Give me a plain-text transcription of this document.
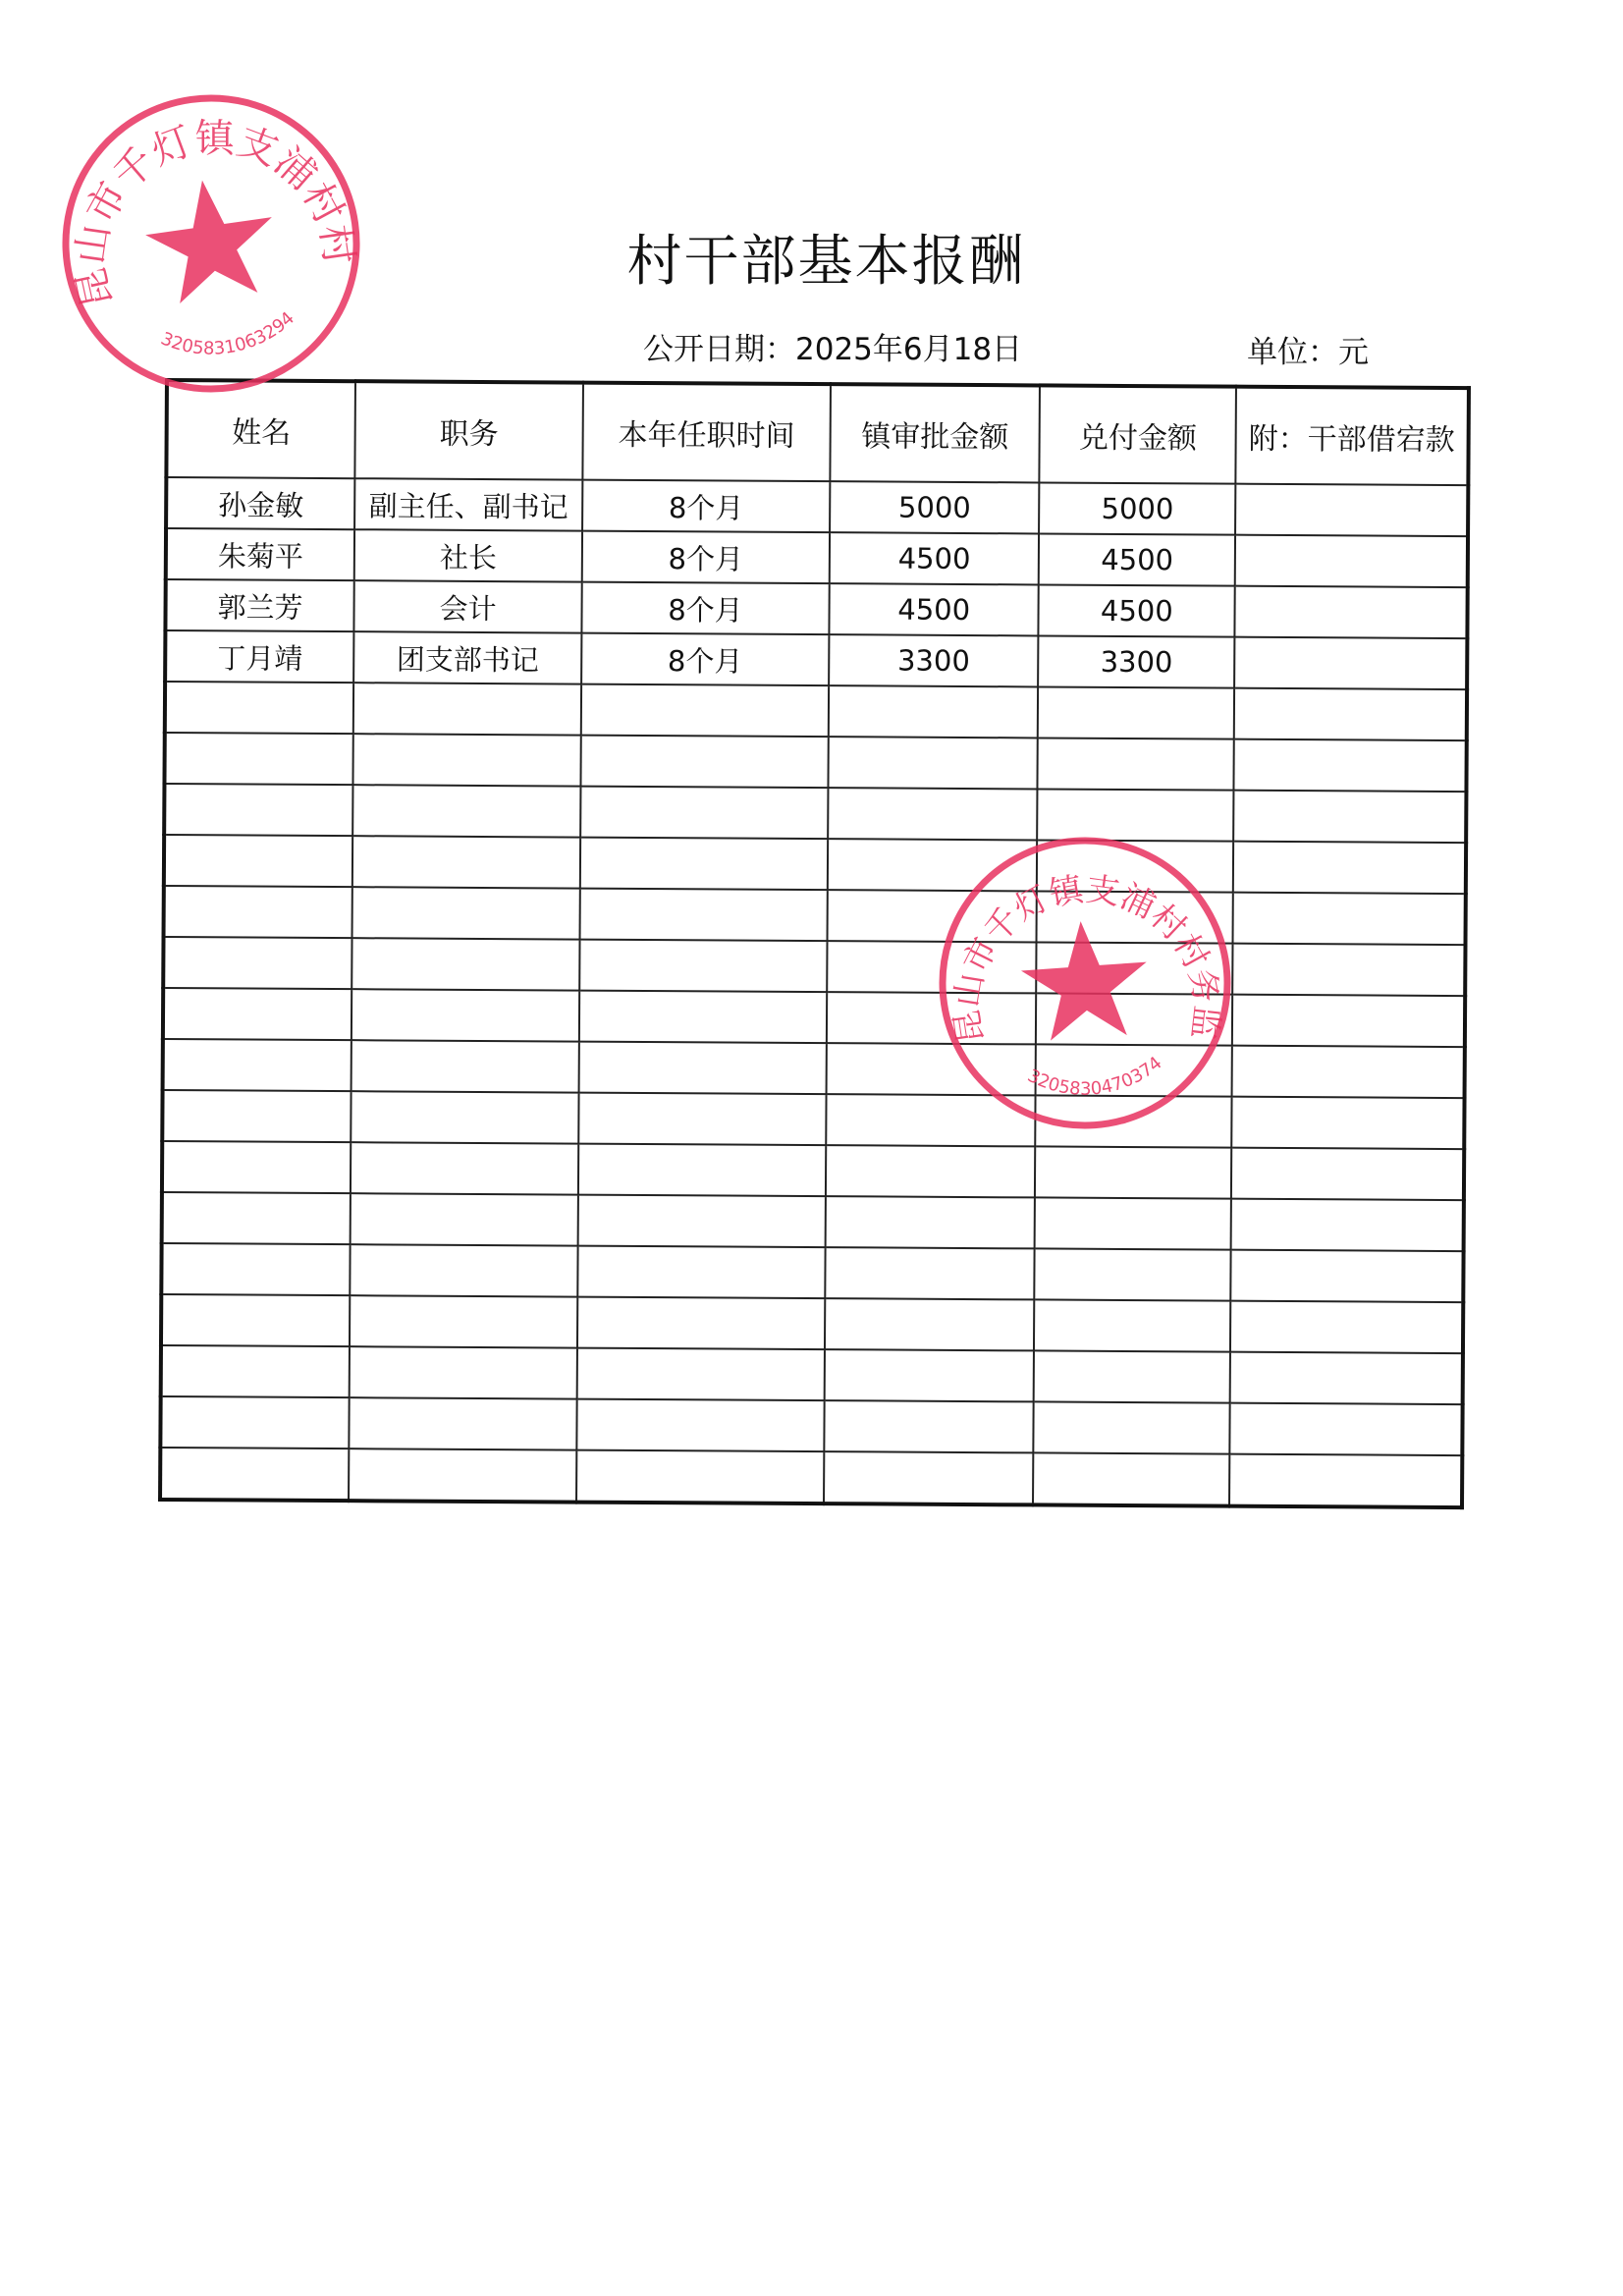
村干部基本报酬
公开日期：2025年6月18日	单位：元
姓名	职务	本年任职时间	镇审批金额	兑付金额	附：干部借宕款
孙金敏	副主任、副书记	8个月	5000	5000	
朱菊平	社长	8个月	4500	4500	
郭兰芳	会计	8个月	4500	4500	
丁月靖	团支部书记	8个月	3300	3300	

昆山市千灯镇支浦村村民委员会
3205831063294
昆山市千灯镇支浦村村务监督委员会
3205830470374
